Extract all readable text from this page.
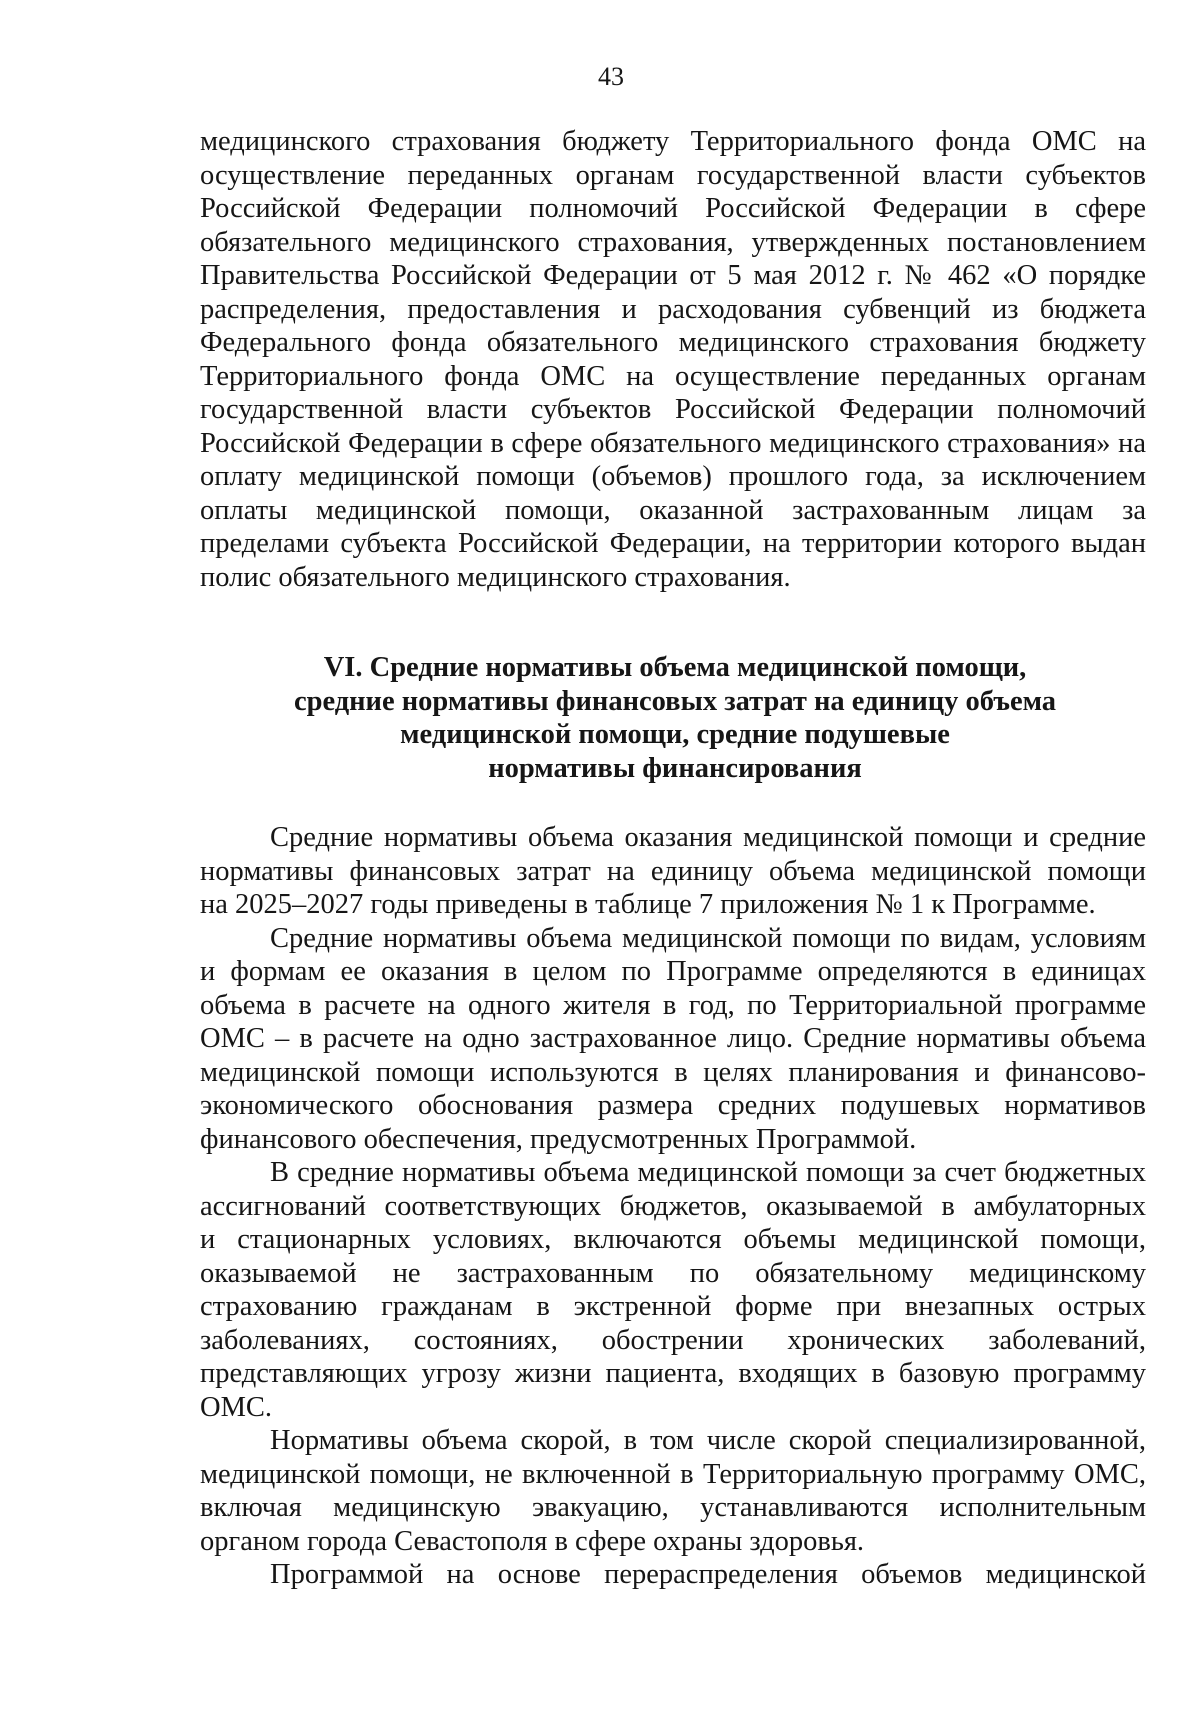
43

медицинского страхования бюджету Территориального фонда ОМС на
осуществление переданных органам государственной власти субъектов
Российской Федерации полномочий Российской Федерации в сфере
обязательного медицинского страхования, утвержденных постановлением
Правительства Российской Федерации от 5 мая 2012 г. № 462 «О порядке
распределения, предоставления и расходования субвенций из бюджета
Федерального фонда обязательного медицинского страхования бюджету
Территориального фонда ОМС на осуществление переданных органам
государственной власти субъектов Российской Федерации полномочий
Российской Федерации в сфере обязательного медицинского страхования» на
оплату медицинской помощи (объемов) прошлого года, за исключением
оплаты медицинской помощи, оказанной застрахованным лицам за
пределами субъекта Российской Федерации, на территории которого выдан
полис обязательного медицинского страхования.

VI. Средние нормативы объема медицинской помощи,
средние нормативы финансовых затрат на единицу объема
медицинской помощи, средние подушевые
нормативы финансирования
Средние нормативы объема оказания медицинской помощи и средние
нормативы финансовых затрат на единицу объема медицинской помощи
на 2025–2027 годы приведены в таблице 7 приложения № 1 к Программе.
Средние нормативы объема медицинской помощи по видам, условиям
и формам ее оказания в целом по Программе определяются в единицах
объема в расчете на одного жителя в год, по Территориальной программе
ОМС – в расчете на одно застрахованное лицо. Средние нормативы объема
медицинской помощи используются в целях планирования и финансово-
экономического обоснования размера средних подушевых нормативов
финансового обеспечения, предусмотренных Программой.
В средние нормативы объема медицинской помощи за счет бюджетных
ассигнований соответствующих бюджетов, оказываемой в амбулаторных
и стационарных условиях, включаются объемы медицинской помощи,
оказываемой не застрахованным по обязательному медицинскому
страхованию гражданам в экстренной форме при внезапных острых
заболеваниях, состояниях, обострении хронических заболеваний,
представляющих угрозу жизни пациента, входящих в базовую программу
ОМС.
Нормативы объема скорой, в том числе скорой специализированной,
медицинской помощи, не включенной в Территориальную программу ОМС,
включая медицинскую эвакуацию, устанавливаются исполнительным
органом города Севастополя в сфере охраны здоровья.
Программой на основе перераспределения объемов медицинской
